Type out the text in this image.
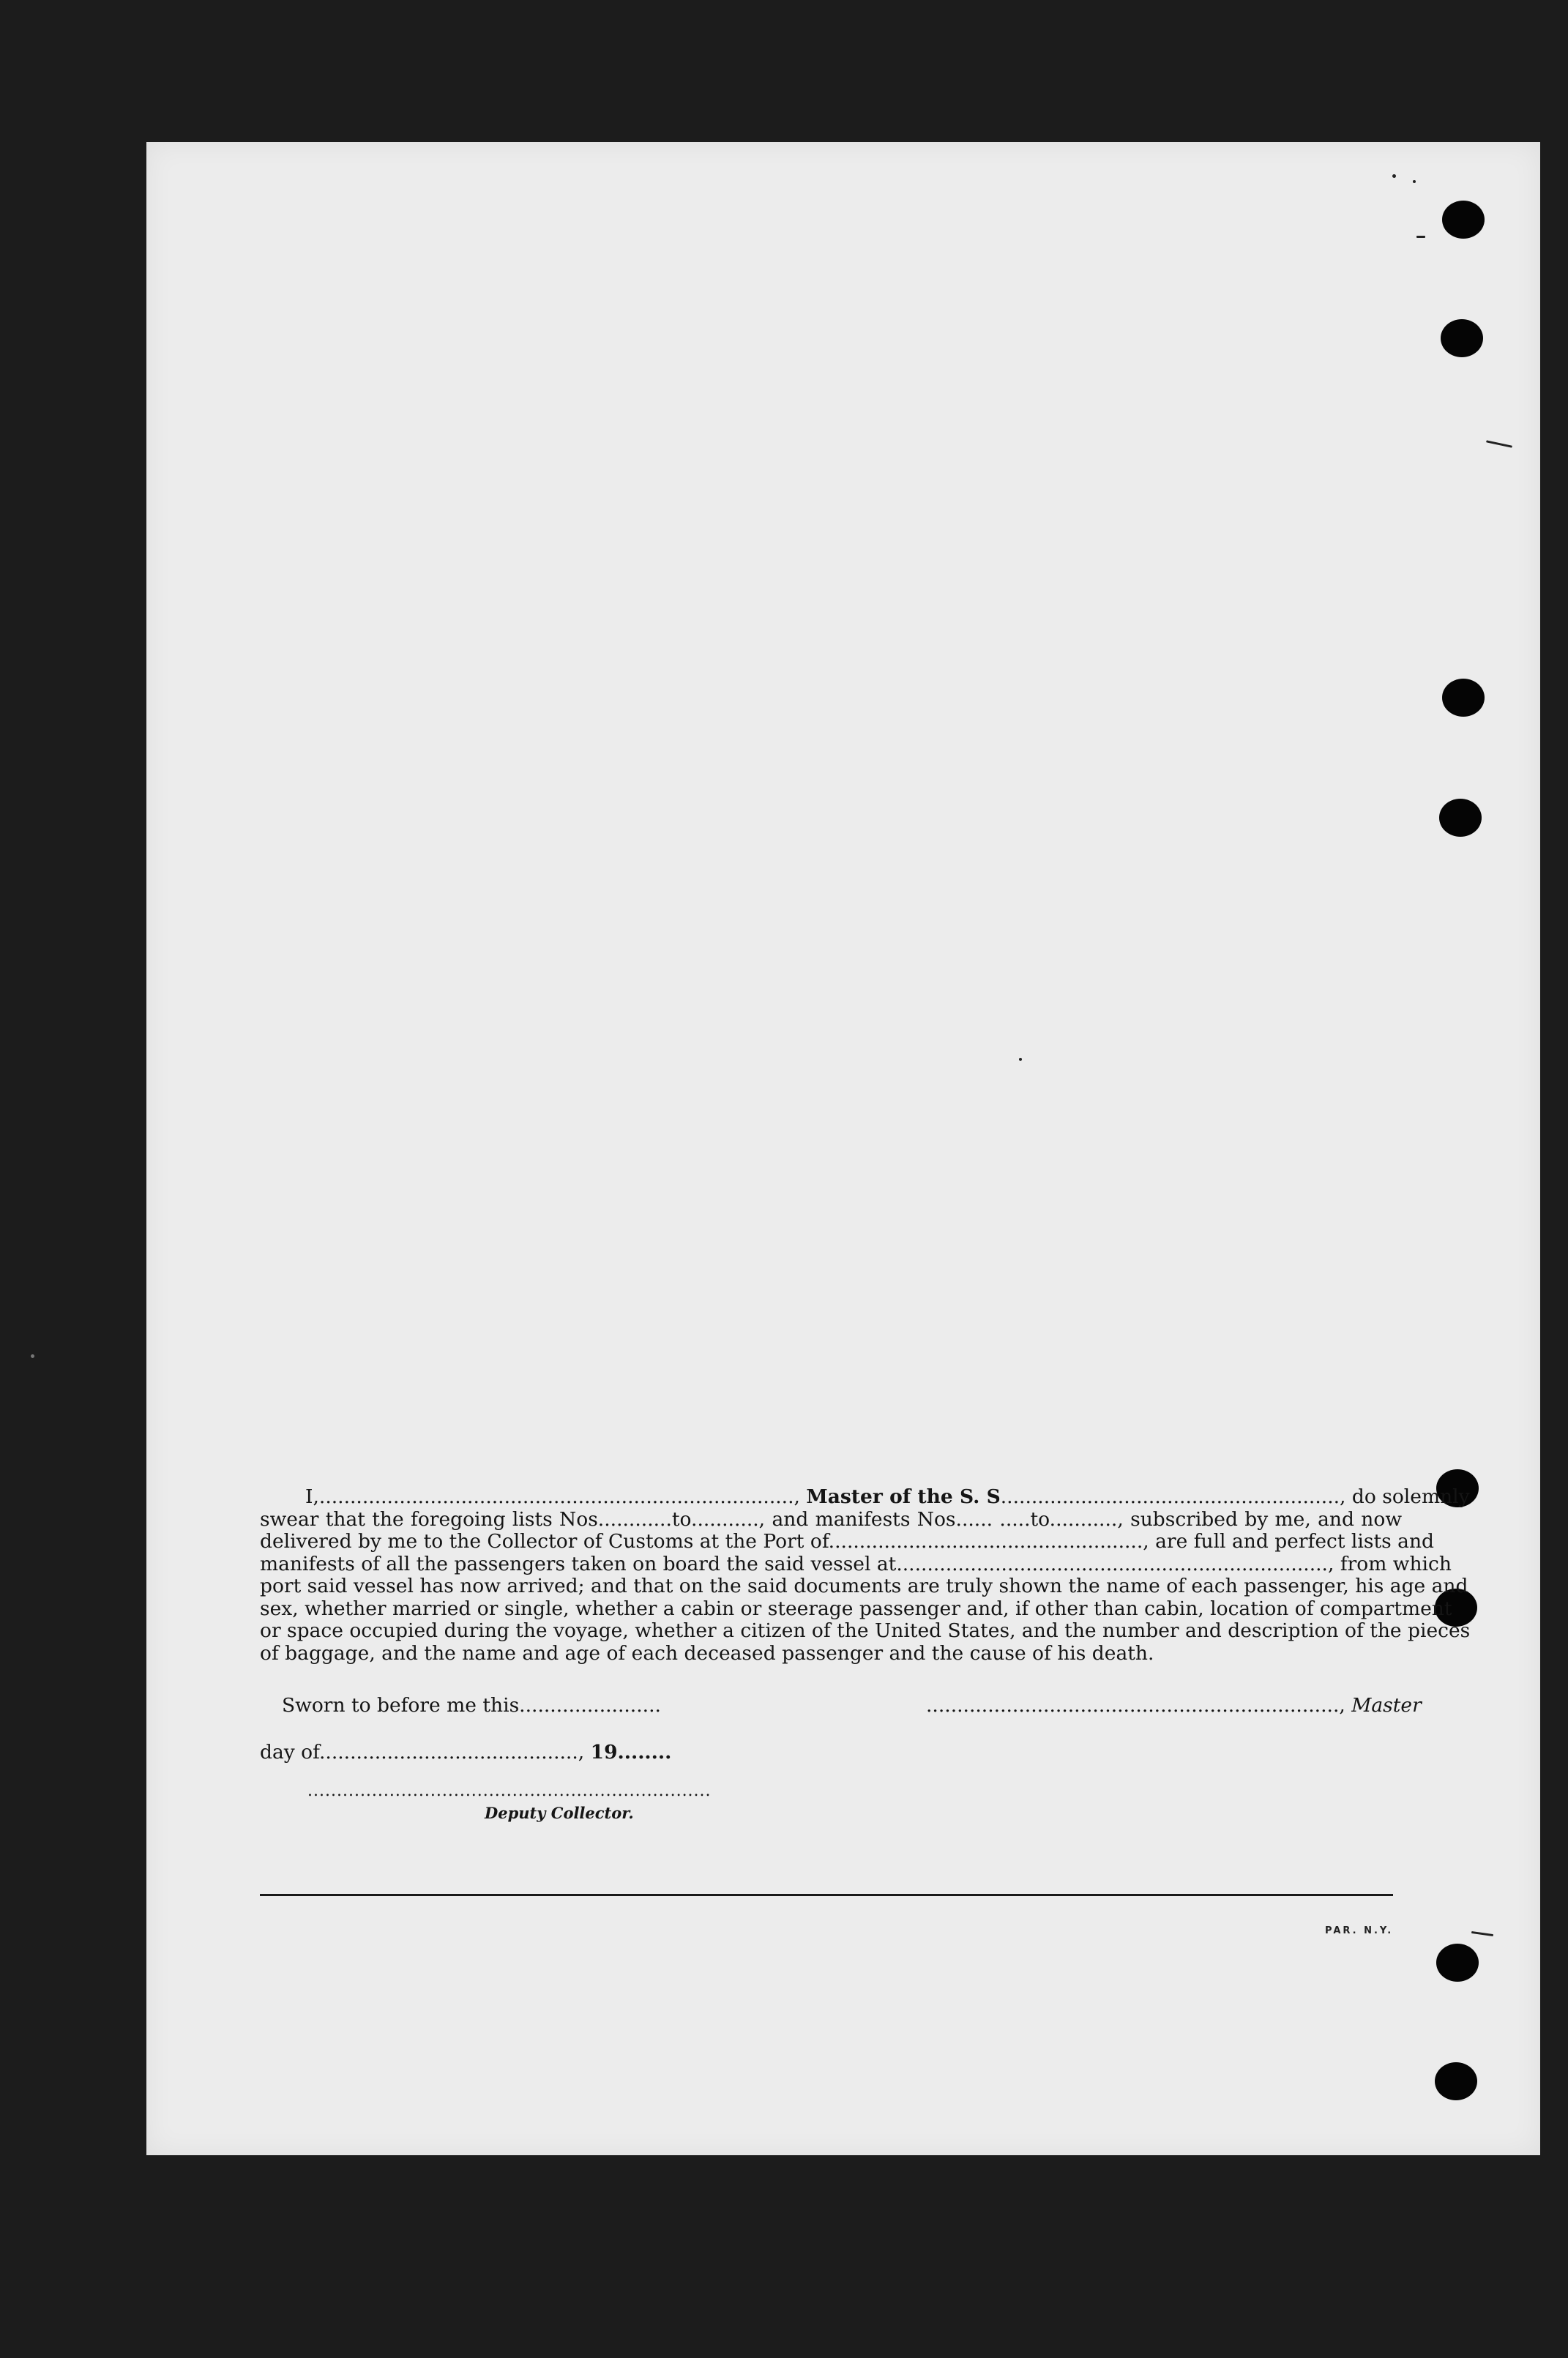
I,............................................................................., Master of the S. S......................................................., do solemnly
swear that the foregoing lists Nos............to..........., and manifests Nos...... .....to..........., subscribed by me, and now
delivered by me to the Collector of Customs at the Port of..................................................., are full and perfect lists and
manifests of all the passengers taken on board the said vessel at......................................................................, from which
port said vessel has now arrived; and that on the said documents are truly shown the name of each passenger, his age and
sex, whether married or single, whether a cabin or steerage passenger and, if other than cabin, location of compartment
or space occupied during the voyage, whether a citizen of the United States, and the number and description of the pieces
of baggage, and the name and age of each deceased passenger and the cause of his death.
Sworn to before me this.......................	..................................................................., Master
day of.........................................., 19........
.....................................................................
Deputy Collector.
PAR. N.Y.
